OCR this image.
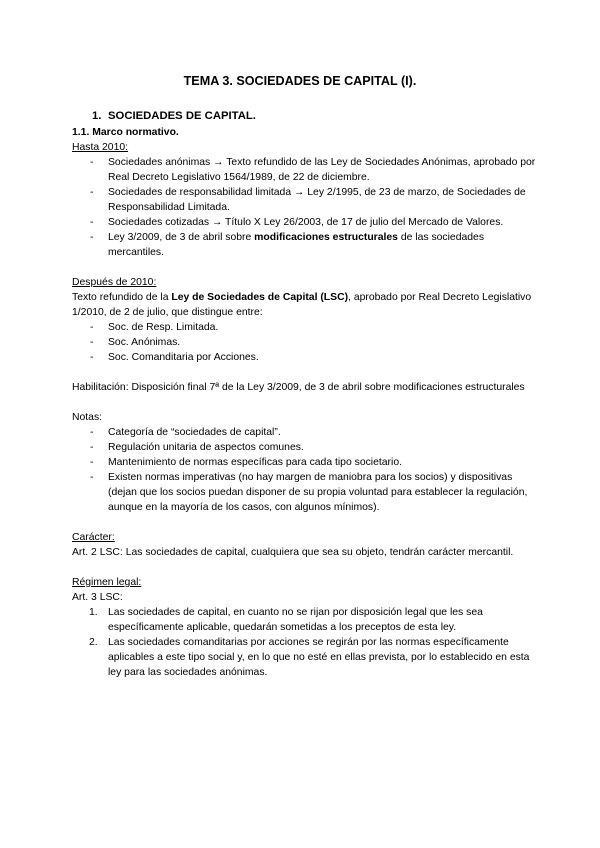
TEMA 3. SOCIEDADES DE CAPITAL (I).
1. SOCIEDADES DE CAPITAL.
1.1. Marco normativo.

Hasta 2010:

- Sociedades anónimas → Texto refundido de las Ley de Sociedades Anónimas, aprobado por Real Decreto Legislativo 1564/1989, de 22 de diciembre.
- Sociedades de responsabilidad limitada → Ley 2/1995, de 23 de marzo, de Sociedades de Responsabilidad Limitada.
- Sociedades cotizadas → Título X Ley 26/2003, de 17 de julio del Mercado de Valores.
- Ley 3/2009, de 3 de abril sobre modificaciones estructurales de las sociedades mercantiles.

Después de 2010:

Texto refundido de la Ley de Sociedades de Capital (LSC), aprobado por Real Decreto Legislativo 1/2010, de 2 de julio, que distingue entre:

- Soc. de Resp. Limitada.
- Soc. Anónimas.
- Soc. Comanditaria por Acciones.

Habilitación: Disposición final 7ª de la Ley 3/2009, de 3 de abril sobre modificaciones estructurales

Notas:

- Categoría de “sociedades de capital”.
- Regulación unitaria de aspectos comunes.
- Mantenimiento de normas específicas para cada tipo societario.
- Existen normas imperativas (no hay margen de maniobra para los socios) y dispositivas (dejan que los socios puedan disponer de su propia voluntad para establecer la regulación, aunque en la mayoría de los casos, con algunos mínimos).

Carácter:

Art. 2 LSC: Las sociedades de capital, cualquiera que sea su objeto, tendrán carácter mercantil.

Régimen legal:

Art. 3 LSC:

1. Las sociedades de capital, en cuanto no se rijan por disposición legal que les sea específicamente aplicable, quedarán sometidas a los preceptos de esta ley.
2. Las sociedades comanditarias por acciones se regirán por las normas específicamente aplicables a este tipo social y, en lo que no esté en ellas prevista, por lo establecido en esta ley para las sociedades anónimas.
